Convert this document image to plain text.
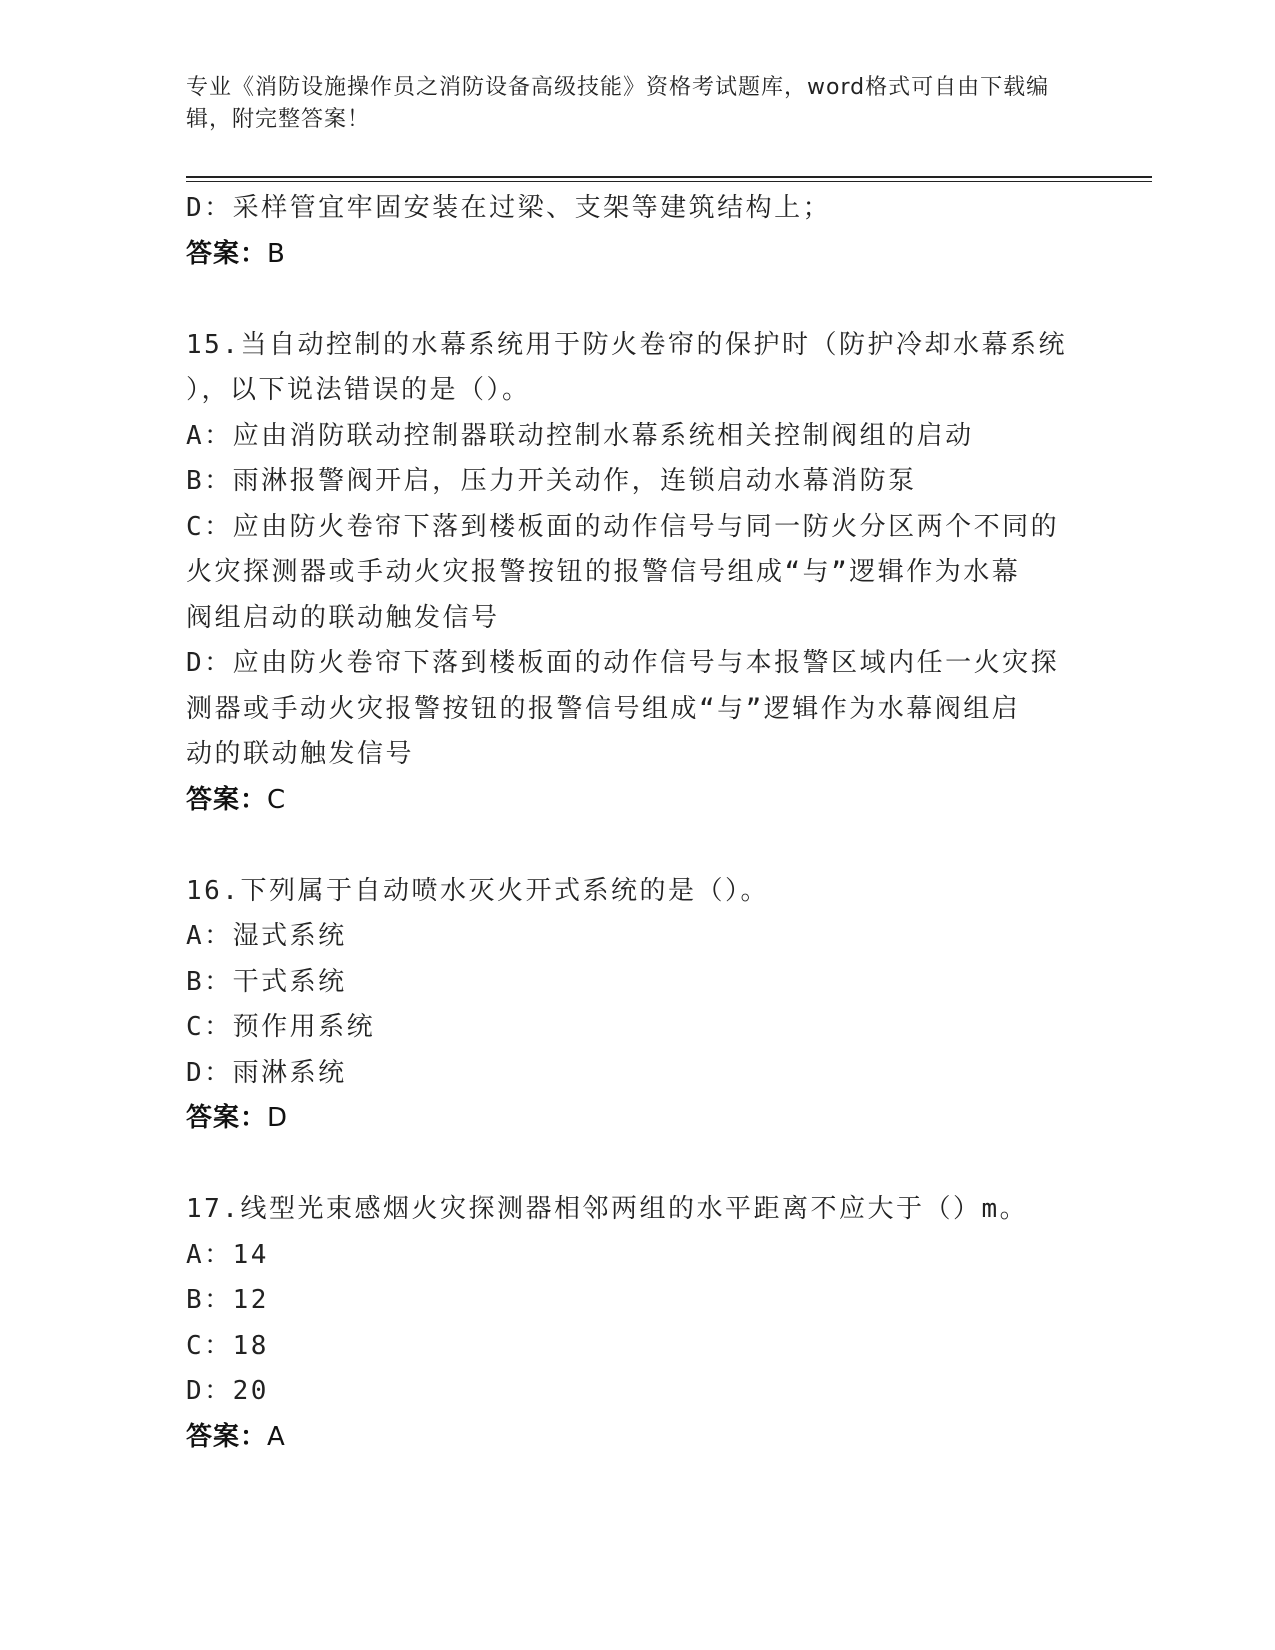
专业《消防设施操作员之消防设备高级技能》资格考试题库，word格式可自由下载编辑，附完整答案！

D：采样管宜牢固安装在过梁、支架等建筑结构上；

答案：B

15.当自动控制的水幕系统用于防火卷帘的保护时（防护冷却水幕系统

），以下说法错误的是（）。

A：应由消防联动控制器联动控制水幕系统相关控制阀组的启动

B：雨淋报警阀开启，压力开关动作，连锁启动水幕消防泵

C：应由防火卷帘下落到楼板面的动作信号与同一防火分区两个不同的

火灾探测器或手动火灾报警按钮的报警信号组成“与”逻辑作为水幕

阀组启动的联动触发信号

D：应由防火卷帘下落到楼板面的动作信号与本报警区域内任一火灾探

测器或手动火灾报警按钮的报警信号组成“与”逻辑作为水幕阀组启

动的联动触发信号

答案：C

16.下列属于自动喷水灭火开式系统的是（）。

A：湿式系统

B：干式系统

C：预作用系统

D：雨淋系统

答案：D

17.线型光束感烟火灾探测器相邻两组的水平距离不应大于（）m。

A：14

B：12

C：18

D：20

答案：A
